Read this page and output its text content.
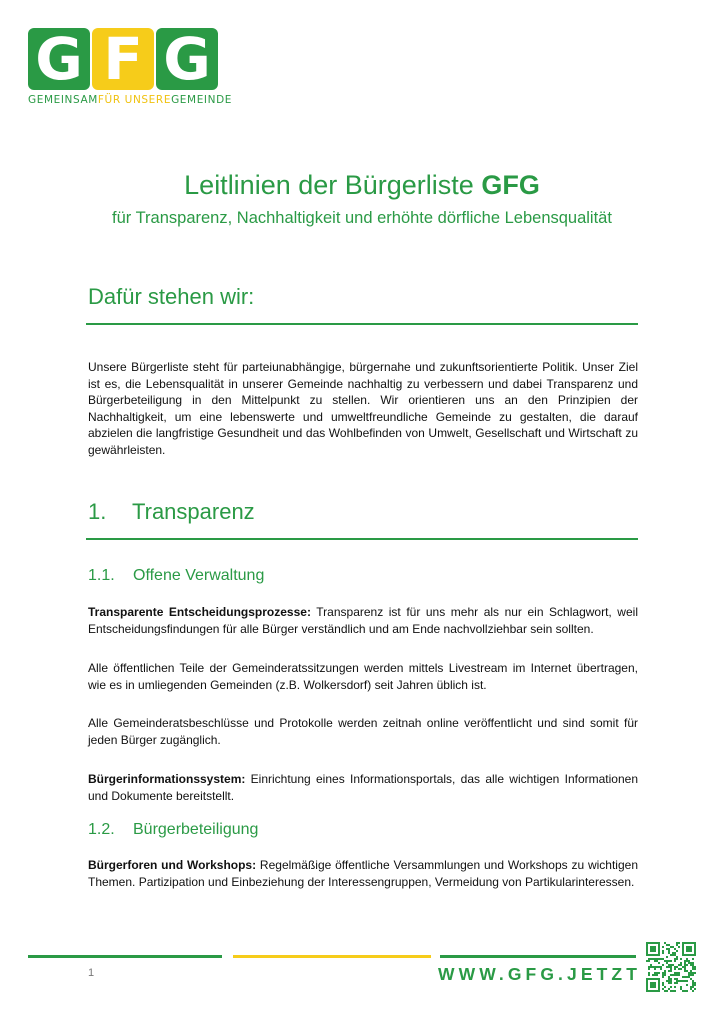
G F G
GEMEINSAMFÜR UNSEREGEMEINDE
Leitlinien der Bürgerliste GFG
für Transparenz, Nachhaltigkeit und erhöhte dörfliche Lebensqualität
Dafür stehen wir:
Unsere Bürgerliste steht für parteiunabhängige, bürgernahe und zukunftsorientierte Politik. Unser Ziel ist es, die Lebensqualität in unserer Gemeinde nachhaltig zu verbessern und dabei Transparenz und Bürgerbeteiligung in den Mittelpunkt zu stellen. Wir orientieren uns an den Prinzipien der Nachhaltigkeit, um eine lebenswerte und umweltfreundliche Gemeinde zu gestalten, die darauf abzielen die langfristige Gesundheit und das Wohlbefinden von Umwelt, Gesellschaft und Wirtschaft zu gewährleisten.
1. Transparenz
1.1. Offene Verwaltung
Transparente Entscheidungsprozesse: Transparenz ist für uns mehr als nur ein Schlagwort, weil Entscheidungsfindungen für alle Bürger verständlich und am Ende nachvollziehbar sein sollten.
Alle öffentlichen Teile der Gemeinderatssitzungen werden mittels Livestream im Internet übertragen, wie es in umliegenden Gemeinden (z.B. Wolkersdorf) seit Jahren üblich ist.
Alle Gemeinderatsbeschlüsse und Protokolle werden zeitnah online veröffentlicht und sind somit für jeden Bürger zugänglich.
Bürgerinformationssystem: Einrichtung eines Informationsportals, das alle wichtigen Informationen und Dokumente bereitstellt.
1.2. Bürgerbeteiligung
Bürgerforen und Workshops: Regelmäßige öffentliche Versammlungen und Workshops zu wichtigen Themen. Partizipation und Einbeziehung der Interessengruppen, Vermeidung von Partikularinteressen.
1	WWW.GFG.JETZT
